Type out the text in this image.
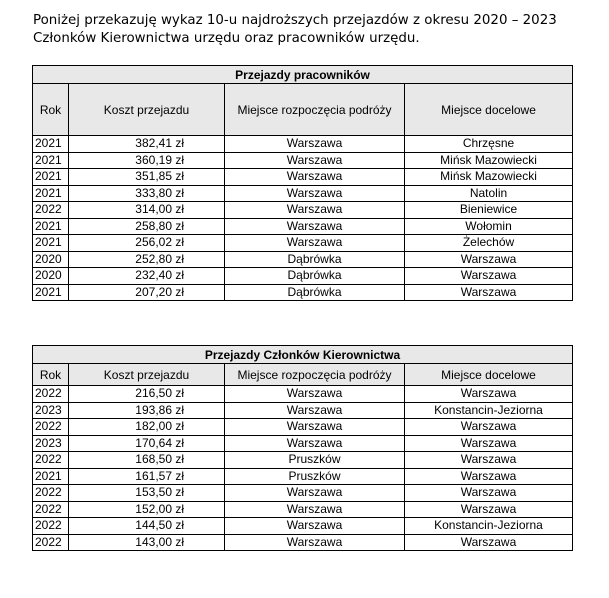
Poniżej przekazuję wykaz 10-u najdroższych przejazdów z okresu 2020 – 2023
Członków Kierownictwa urzędu oraz pracowników urzędu.

Przejazdy pracowników			
Rok	Koszt przejazdu	Miejsce rozpoczęcia podróży	Miejsce docelowe
2021	382,41 zł	Warszawa	Chrzęsne
2021	360,19 zł	Warszawa	Mińsk Mazowiecki
2021	351,85 zł	Warszawa	Mińsk Mazowiecki
2021	333,80 zł	Warszawa	Natolin
2022	314,00 zł	Warszawa	Bieniewice
2021	258,80 zł	Warszawa	Wołomin
2021	256,02 zł	Warszawa	Żelechów
2020	252,80 zł	Dąbrówka	Warszawa
2020	232,40 zł	Dąbrówka	Warszawa
2021	207,20 zł	Dąbrówka	Warszawa
Przejazdy Członków Kierownictwa			
Rok	Koszt przejazdu	Miejsce rozpoczęcia podróży	Miejsce docelowe
2022	216,50 zł	Warszawa	Warszawa
2023	193,86 zł	Warszawa	Konstancin-Jeziorna
2022	182,00 zł	Warszawa	Warszawa
2023	170,64 zł	Warszawa	Warszawa
2022	168,50 zł	Pruszków	Warszawa
2021	161,57 zł	Pruszków	Warszawa
2022	153,50 zł	Warszawa	Warszawa
2022	152,00 zł	Warszawa	Warszawa
2022	144,50 zł	Warszawa	Konstancin-Jeziorna
2022	143,00 zł	Warszawa	Warszawa
